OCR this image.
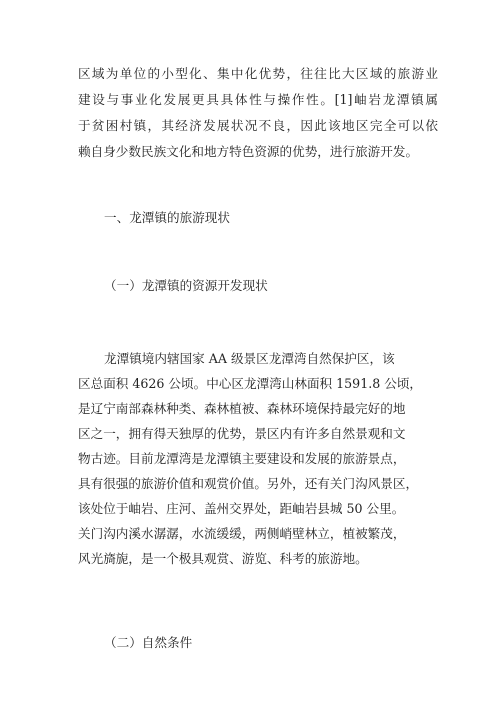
区域为单位的小型化、集中化优势，往往比大区域的旅游业
建设与事业化发展更具具体性与操作性。[1]岫岩龙潭镇属
于贫困村镇，其经济发展状况不良，因此该地区完全可以依
赖自身少数民族文化和地方特色资源的优势，进行旅游开发。
一、龙潭镇的旅游现状
（一）龙潭镇的资源开发现状
龙潭镇境内辖国家 AA 级景区龙潭湾自然保护区，该
区总面积 4626 公顷。中心区龙潭湾山林面积 1591.8 公顷，
是辽宁南部森林种类、森林植被、森林环境保持最完好的地
区之一，拥有得天独厚的优势，景区内有许多自然景观和文
物古迹。目前龙潭湾是龙潭镇主要建设和发展的旅游景点，
具有很强的旅游价值和观赏价值。另外，还有关门沟风景区，
该处位于岫岩、庄河、盖州交界处，距岫岩县城 50 公里。
关门沟内溪水潺潺，水流缓缓，两侧峭壁林立，植被繁茂，
风光旖旎，是一个极具观赏、游览、科考的旅游地。
（二）自然条件
